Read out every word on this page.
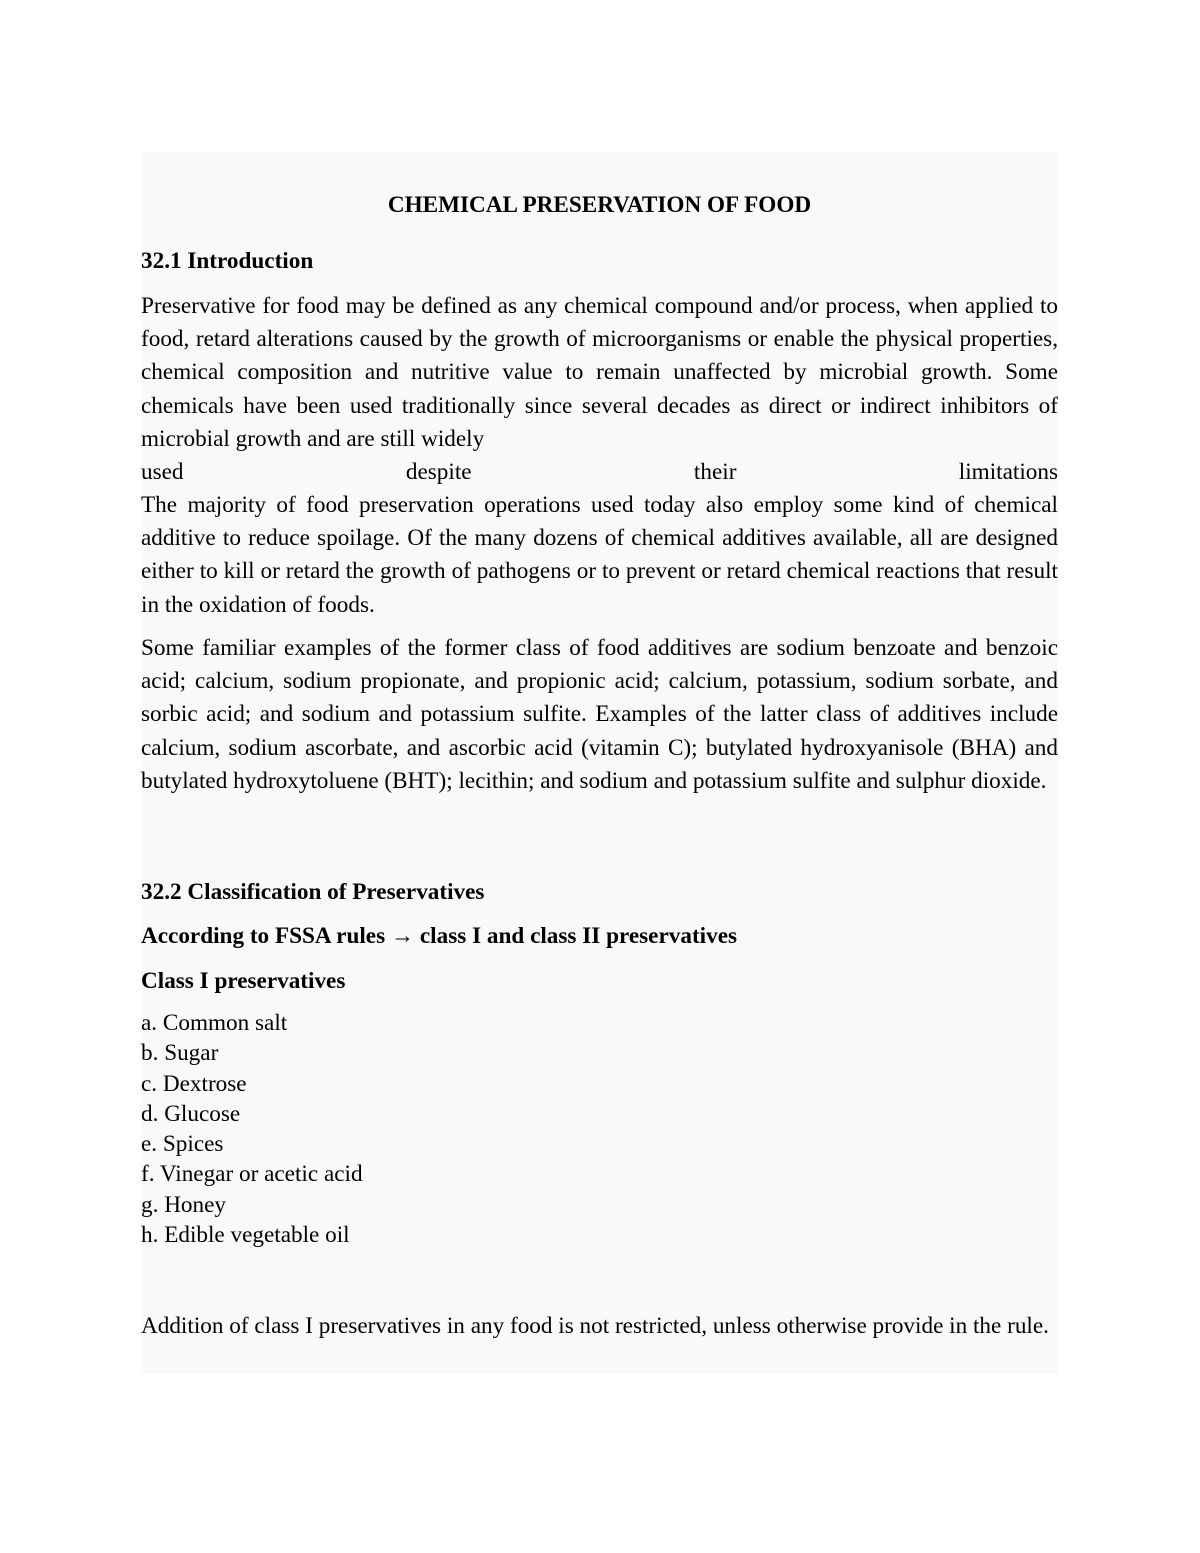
CHEMICAL PRESERVATION OF FOOD
32.1 Introduction
Preservative for food may be defined as any chemical compound and/or process, when applied to food, retard alterations caused by the growth of microorganisms or enable the physical properties, chemical composition and nutritive value to remain unaffected by microbial growth. Some chemicals have been used traditionally since several decades as direct or indirect inhibitors of microbial growth and are still widely
used	despite	their	limitations
The majority of food preservation operations used today also employ some kind of chemical additive to reduce spoilage. Of the many dozens of chemical additives available, all are designed either to kill or retard the growth of pathogens or to prevent or retard chemical reactions that result in the oxidation of foods.
Some familiar examples of the former class of food additives are sodium benzoate and benzoic acid; calcium, sodium propionate, and propionic acid; calcium, potassium, sodium sorbate, and sorbic acid; and sodium and potassium sulfite. Examples of the latter class of additives include calcium, sodium ascorbate, and ascorbic acid (vitamin C); butylated hydroxyanisole (BHA) and butylated hydroxytoluene (BHT); lecithin; and sodium and potassium sulfite and sulphur dioxide.
32.2 Classification of Preservatives
According to FSSA rules → class I and class II preservatives
Class I preservatives
a. Common salt
b. Sugar
c. Dextrose
d. Glucose
e. Spices
f. Vinegar or acetic acid
g. Honey
h. Edible vegetable oil
Addition of class I preservatives in any food is not restricted, unless otherwise provide in the rule.
